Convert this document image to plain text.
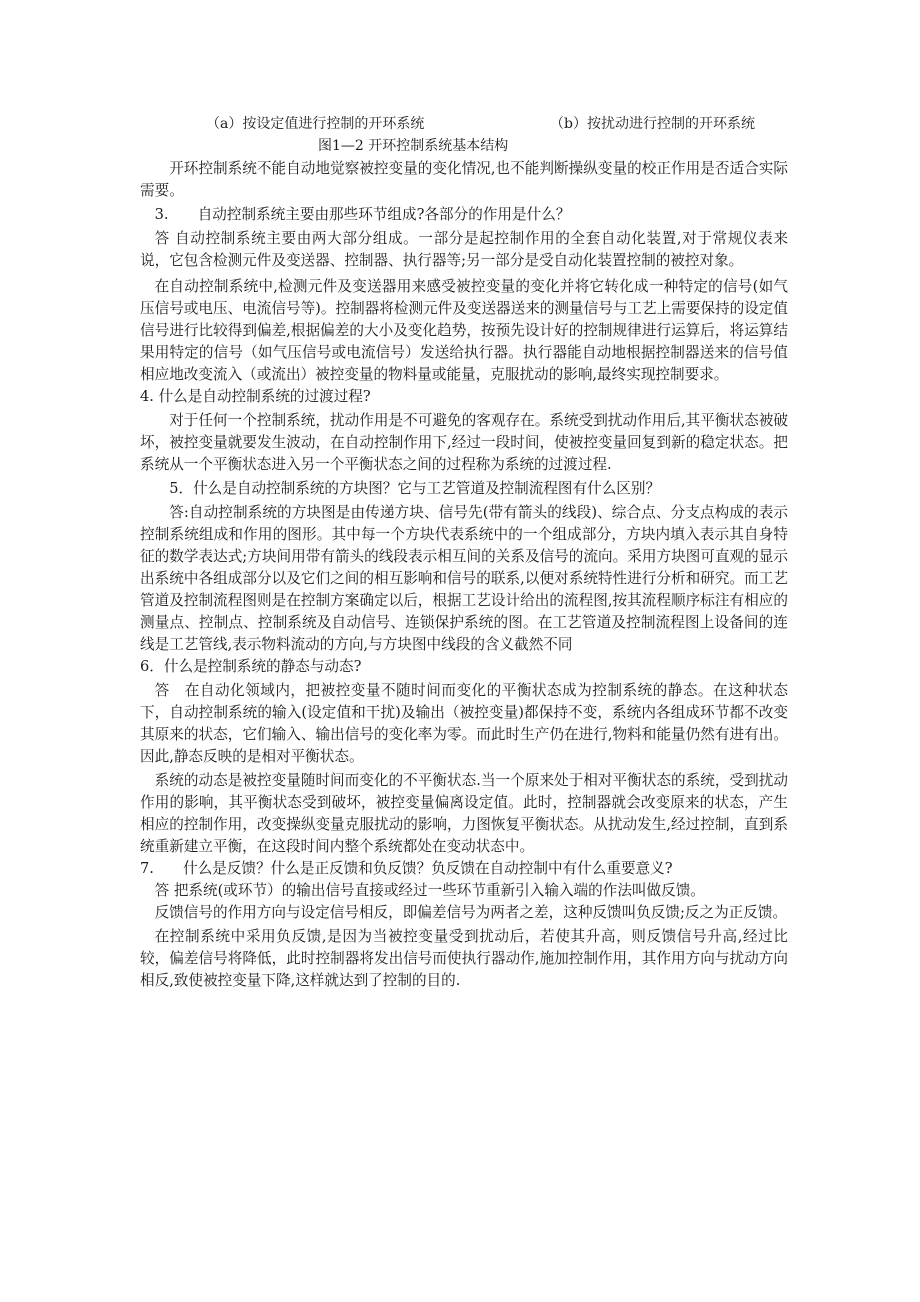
（a）按设定值进行控制的开环系统	（b）按扰动进行控制的开环系统
图1—2 开环控制系统基本结构

开环控制系统不能自动地觉察被控变量的变化情况,也不能判断操纵变量的校正作用是否适合实际需要。

3.　　自动控制系统主要由那些环节组成?各部分的作用是什么？

答 自动控制系统主要由两大部分组成。一部分是起控制作用的全套自动化装置,对于常规仪表来说，它包含检测元件及变送器、控制器、执行器等;另一部分是受自动化装置控制的被控对象。

在自动控制系统中,检测元件及变送器用来感受被控变量的变化并将它转化成一种特定的信号(如气压信号或电压、电流信号等)。控制器将检测元件及变送器送来的测量信号与工艺上需要保持的设定值信号进行比较得到偏差,根据偏差的大小及变化趋势，按预先设计好的控制规律进行运算后，将运算结果用特定的信号（如气压信号或电流信号）发送给执行器。执行器能自动地根据控制器送来的信号值相应地改变流入（或流出）被控变量的物料量或能量，克服扰动的影响,最终实现控制要求。

4. 什么是自动控制系统的过渡过程?

对于任何一个控制系统，扰动作用是不可避免的客观存在。系统受到扰动作用后,其平衡状态被破坏，被控变量就要发生波动，在自动控制作用下,经过一段时间，使被控变量回复到新的稳定状态。把系统从一个平衡状态进入另一个平衡状态之间的过程称为系统的过渡过程.

5．什么是自动控制系统的方块图？它与工艺管道及控制流程图有什么区别？

答:自动控制系统的方块图是由传递方块、信号先(带有箭头的线段)、综合点、分支点构成的表示控制系统组成和作用的图形。其中每一个方块代表系统中的一个组成部分，方块内填入表示其自身特征的数学表达式;方块间用带有箭头的线段表示相互间的关系及信号的流向。采用方块图可直观的显示出系统中各组成部分以及它们之间的相互影响和信号的联系,以便对系统特性进行分析和研究。而工艺管道及控制流程图则是在控制方案确定以后，根据工艺设计给出的流程图,按其流程顺序标注有相应的测量点、控制点、控制系统及自动信号、连锁保护系统的图。在工艺管道及控制流程图上设备间的连线是工艺管线,表示物料流动的方向,与方块图中线段的含义截然不同

6．什么是控制系统的静态与动态?

答　在自动化领域内，把被控变量不随时间而变化的平衡状态成为控制系统的静态。在这种状态下，自动控制系统的输入(设定值和干扰)及输出（被控变量)都保持不变，系统内各组成环节都不改变其原来的状态，它们输入、输出信号的变化率为零。而此时生产仍在进行,物料和能量仍然有进有出。因此,静态反映的是相对平衡状态。

系统的动态是被控变量随时间而变化的不平衡状态.当一个原来处于相对平衡状态的系统，受到扰动作用的影响，其平衡状态受到破坏，被控变量偏离设定值。此时，控制器就会改变原来的状态，产生相应的控制作用，改变操纵变量克服扰动的影响，力图恢复平衡状态。从扰动发生,经过控制，直到系统重新建立平衡，在这段时间内整个系统都处在变动状态中。

7.　　什么是反馈？什么是正反馈和负反馈？负反馈在自动控制中有什么重要意义?

答 把系统(或环节）的输出信号直接或经过一些环节重新引入输入端的作法叫做反馈。

反馈信号的作用方向与设定信号相反，即偏差信号为两者之差，这种反馈叫负反馈;反之为正反馈。

在控制系统中采用负反馈,是因为当被控变量受到扰动后，若使其升高，则反馈信号升高,经过比较，偏差信号将降低，此时控制器将发出信号而使执行器动作,施加控制作用，其作用方向与扰动方向相反,致使被控变量下降,这样就达到了控制的目的.
